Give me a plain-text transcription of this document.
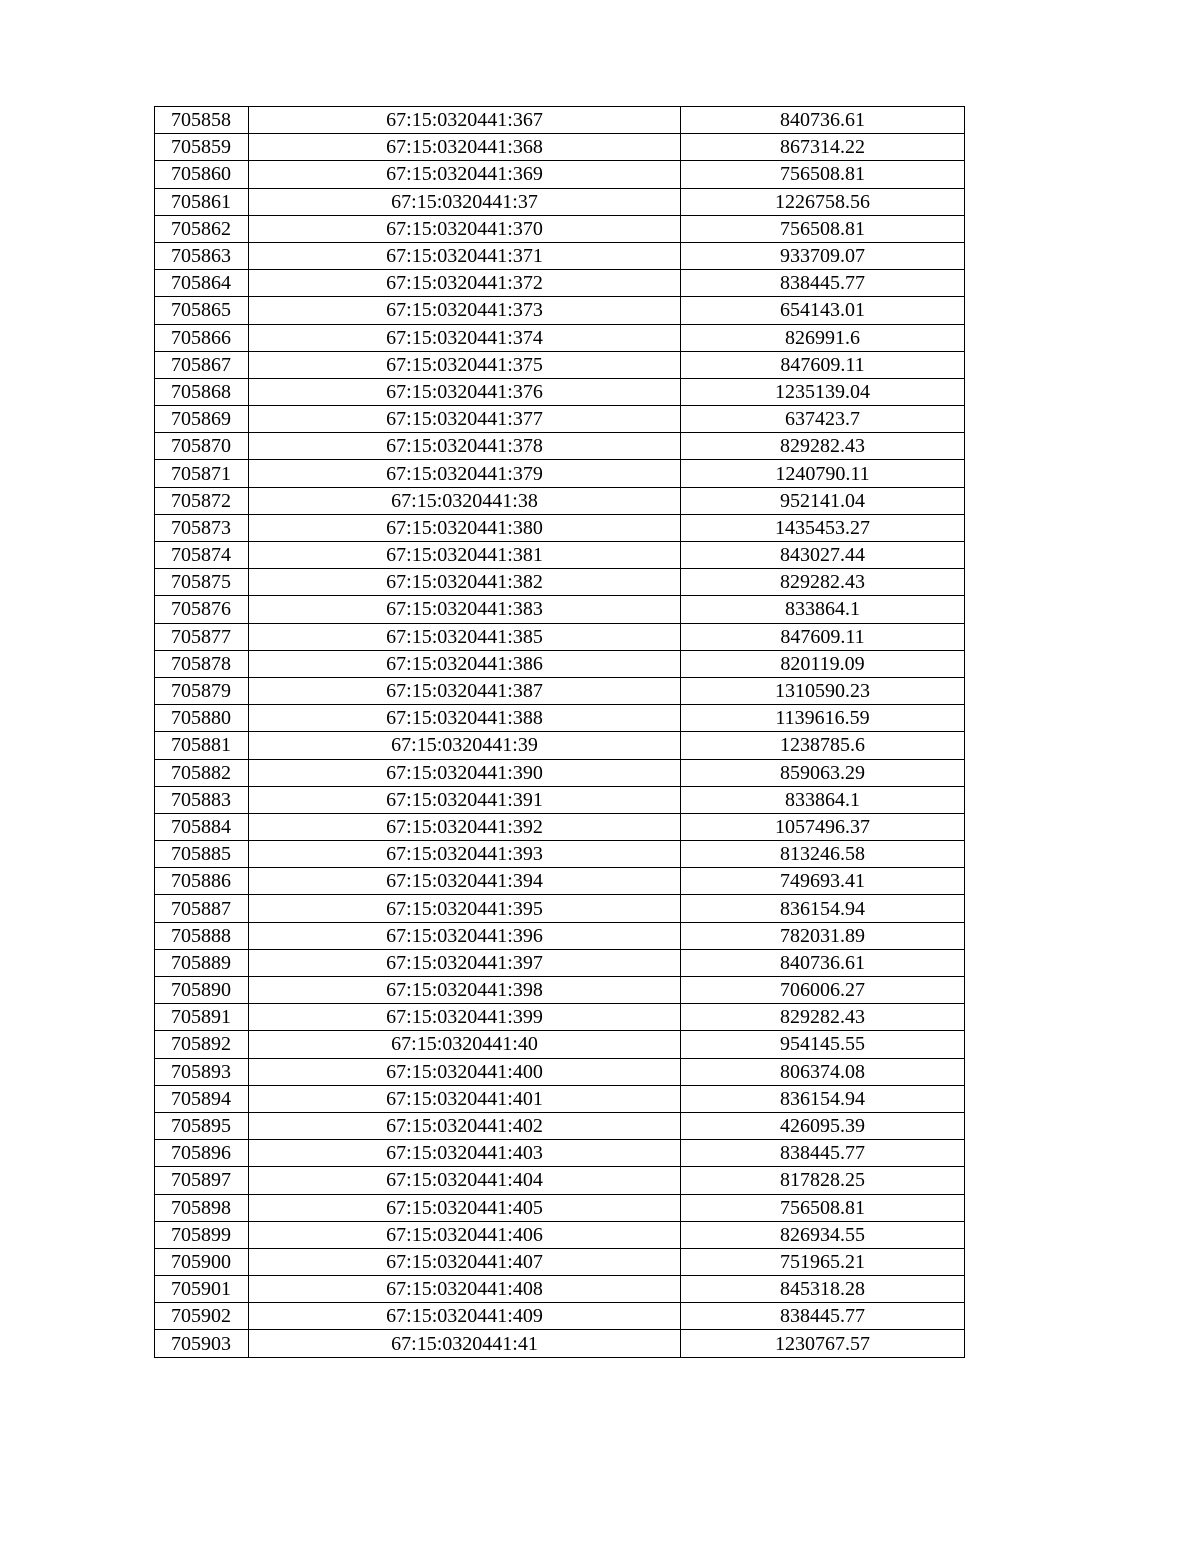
705858	67:15:0320441:367	840736.61
705859	67:15:0320441:368	867314.22
705860	67:15:0320441:369	756508.81
705861	67:15:0320441:37	1226758.56
705862	67:15:0320441:370	756508.81
705863	67:15:0320441:371	933709.07
705864	67:15:0320441:372	838445.77
705865	67:15:0320441:373	654143.01
705866	67:15:0320441:374	826991.6
705867	67:15:0320441:375	847609.11
705868	67:15:0320441:376	1235139.04
705869	67:15:0320441:377	637423.7
705870	67:15:0320441:378	829282.43
705871	67:15:0320441:379	1240790.11
705872	67:15:0320441:38	952141.04
705873	67:15:0320441:380	1435453.27
705874	67:15:0320441:381	843027.44
705875	67:15:0320441:382	829282.43
705876	67:15:0320441:383	833864.1
705877	67:15:0320441:385	847609.11
705878	67:15:0320441:386	820119.09
705879	67:15:0320441:387	1310590.23
705880	67:15:0320441:388	1139616.59
705881	67:15:0320441:39	1238785.6
705882	67:15:0320441:390	859063.29
705883	67:15:0320441:391	833864.1
705884	67:15:0320441:392	1057496.37
705885	67:15:0320441:393	813246.58
705886	67:15:0320441:394	749693.41
705887	67:15:0320441:395	836154.94
705888	67:15:0320441:396	782031.89
705889	67:15:0320441:397	840736.61
705890	67:15:0320441:398	706006.27
705891	67:15:0320441:399	829282.43
705892	67:15:0320441:40	954145.55
705893	67:15:0320441:400	806374.08
705894	67:15:0320441:401	836154.94
705895	67:15:0320441:402	426095.39
705896	67:15:0320441:403	838445.77
705897	67:15:0320441:404	817828.25
705898	67:15:0320441:405	756508.81
705899	67:15:0320441:406	826934.55
705900	67:15:0320441:407	751965.21
705901	67:15:0320441:408	845318.28
705902	67:15:0320441:409	838445.77
705903	67:15:0320441:41	1230767.57
